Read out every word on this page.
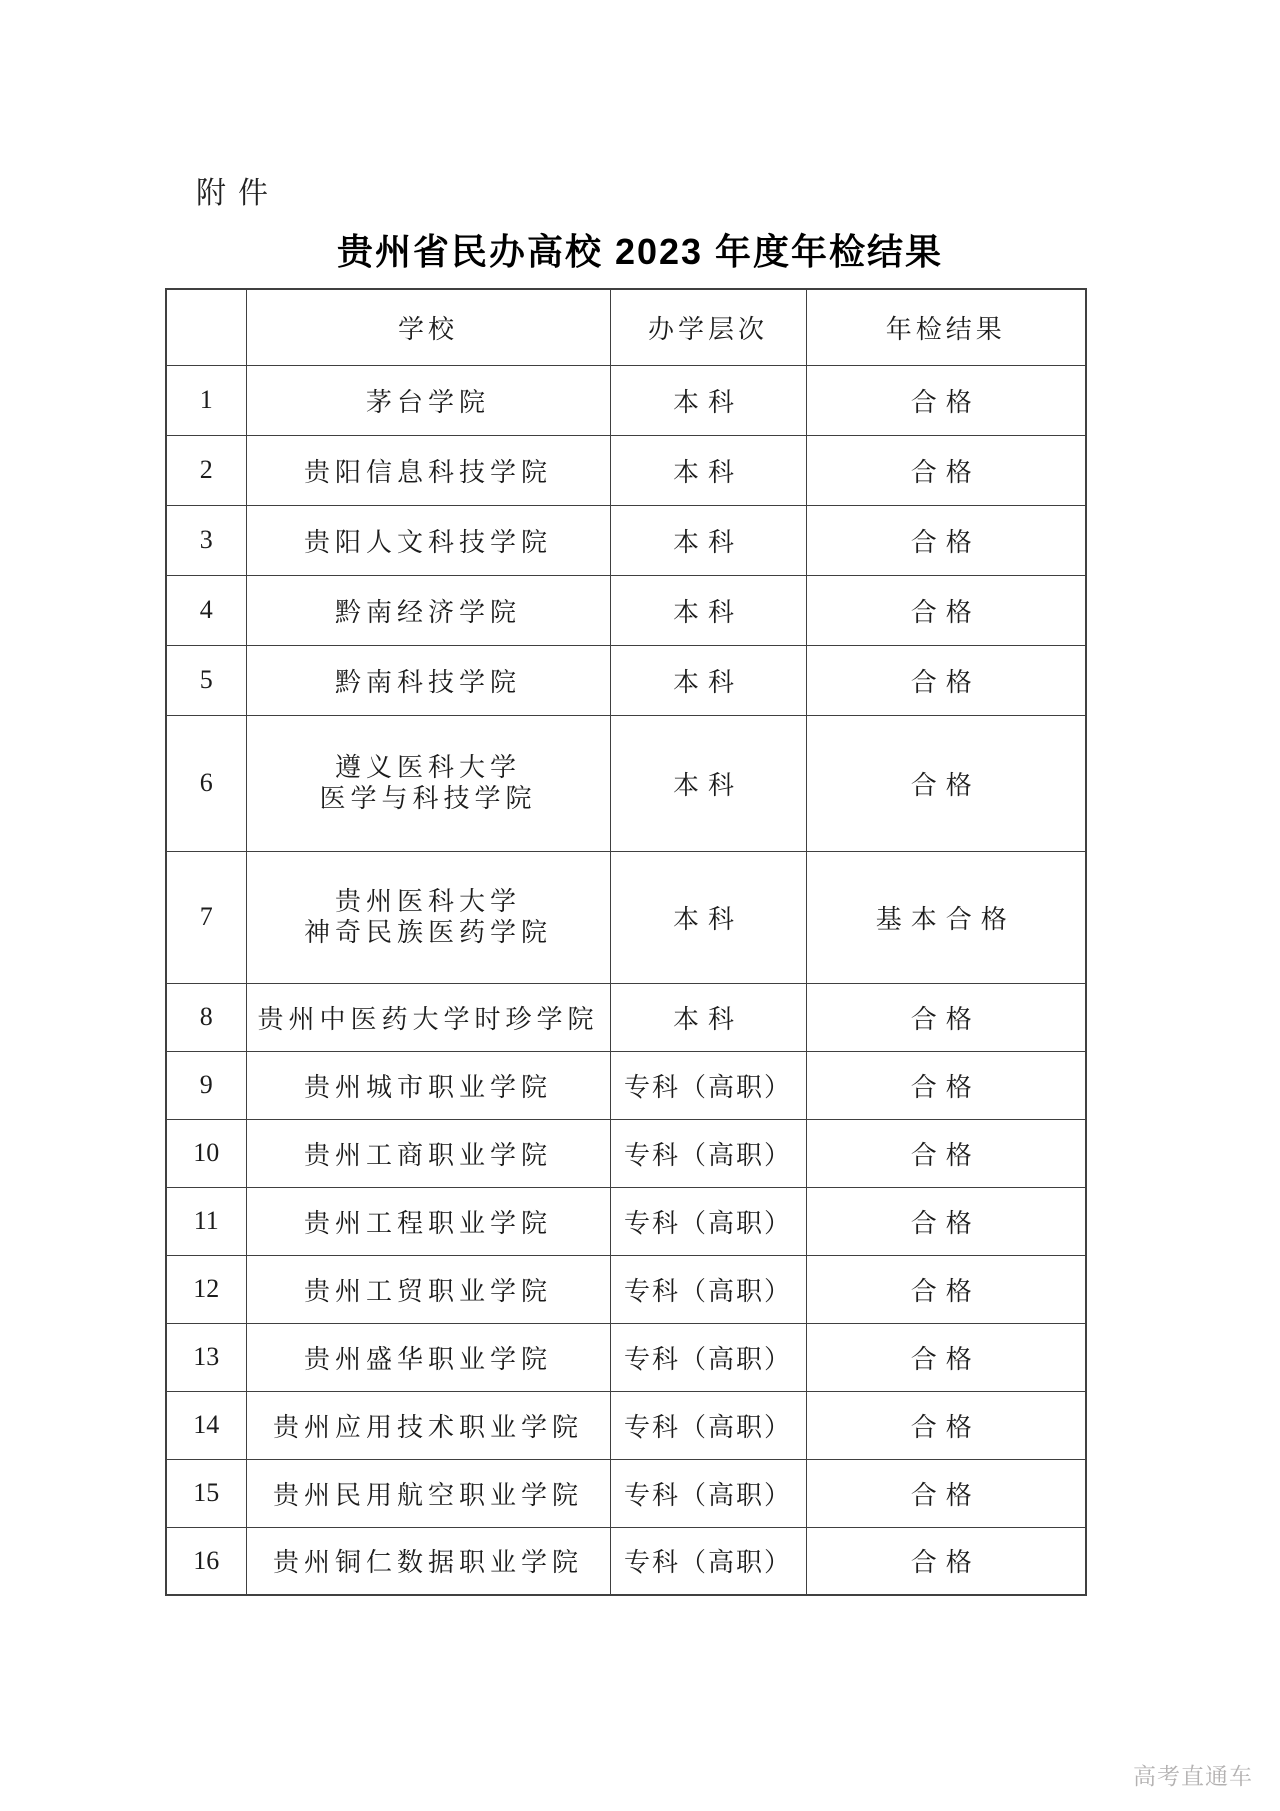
附件
贵州省民办高校 2023 年度年检结果
	学校	办学层次	年检结果
1	茅台学院	本科	合格
2	贵阳信息科技学院	本科	合格
3	贵阳人文科技学院	本科	合格
4	黔南经济学院	本科	合格
5	黔南科技学院	本科	合格
6	遵义医科大学
医学与科技学院	本科	合格
7	贵州医科大学
神奇民族医药学院	本科	基本合格
8	贵州中医药大学时珍学院	本科	合格
9	贵州城市职业学院	专科（高职）	合格
10	贵州工商职业学院	专科（高职）	合格
11	贵州工程职业学院	专科（高职）	合格
12	贵州工贸职业学院	专科（高职）	合格
13	贵州盛华职业学院	专科（高职）	合格
14	贵州应用技术职业学院	专科（高职）	合格
15	贵州民用航空职业学院	专科（高职）	合格
16	贵州铜仁数据职业学院	专科（高职）	合格
高考直通车
